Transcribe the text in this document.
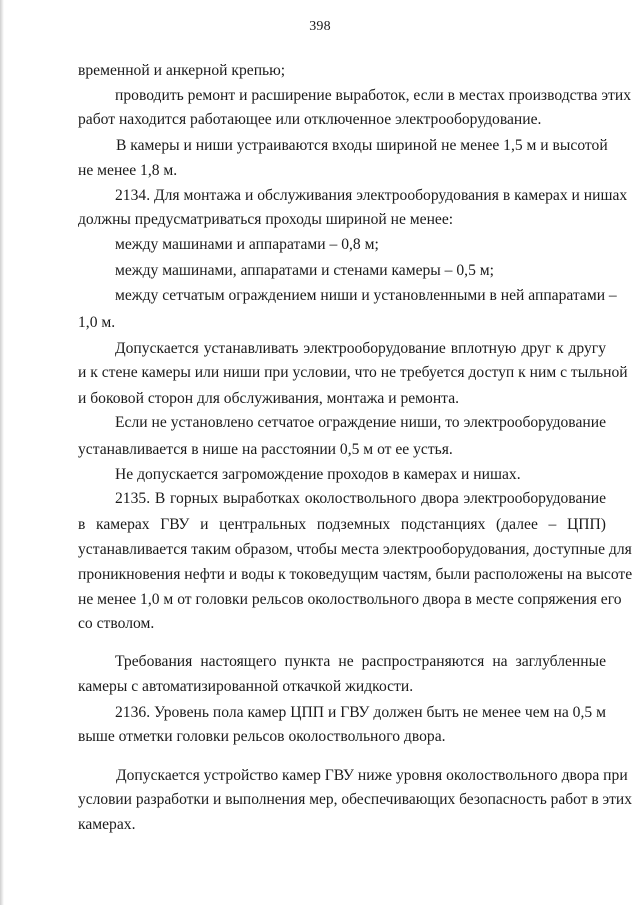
398
временной и анкерной крепью;
проводить ремонт и расширение выработок, если в местах производства этих
работ находится работающее или отключенное электрооборудование.
В камеры и ниши устраиваются входы шириной не менее 1,5 м и высотой
не менее 1,8 м.
2134. Для монтажа и обслуживания электрооборудования в камерах и нишах
должны предусматриваться проходы шириной не менее:
между машинами и аппаратами – 0,8 м;
между машинами, аппаратами и стенами камеры – 0,5 м;
между сетчатым ограждением ниши и установленными в ней аппаратами –
1,0 м.
Допускается устанавливать электрооборудование вплотную друг к другу
и к стене камеры или ниши при условии, что не требуется доступ к ним с тыльной
и боковой сторон для обслуживания, монтажа и ремонта.
Если не установлено сетчатое ограждение ниши, то электрооборудование
устанавливается в нише на расстоянии 0,5 м от ее устья.
Не допускается загромождение проходов в камерах и нишах.
2135. В горных выработках околоствольного двора электрооборудование
в камерах ГВУ и центральных подземных подстанциях (далее – ЦПП)
устанавливается таким образом, чтобы места электрооборудования, доступные для
проникновения нефти и воды к токоведущим частям, были расположены на высоте
не менее 1,0 м от головки рельсов околоствольного двора в месте сопряжения его
со стволом.
Требования настоящего пункта не распространяются на заглубленные
камеры с автоматизированной откачкой жидкости.
2136. Уровень пола камер ЦПП и ГВУ должен быть не менее чем на 0,5 м
выше отметки головки рельсов околоствольного двора.
Допускается устройство камер ГВУ ниже уровня околоствольного двора при
условии разработки и выполнения мер, обеспечивающих безопасность работ в этих
камерах.
